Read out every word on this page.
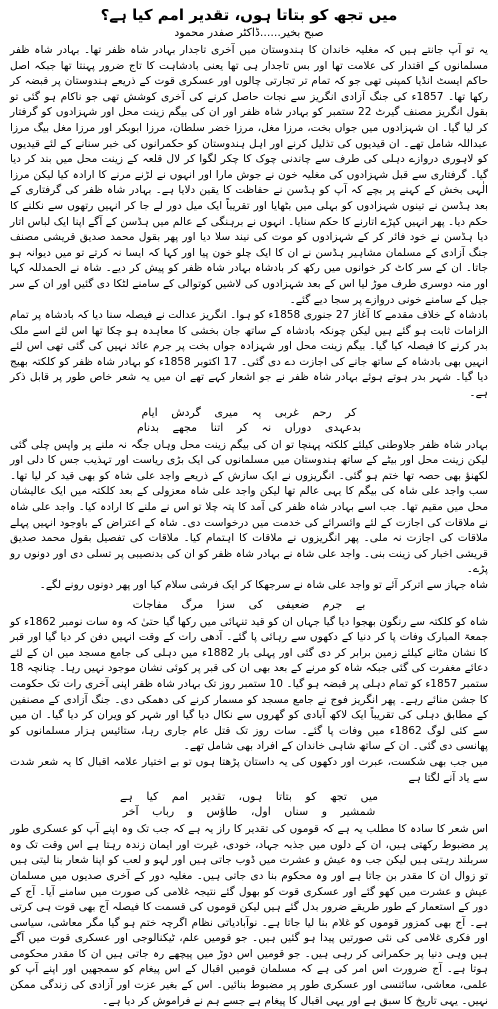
میں تجھ کو بتاتا ہوں، تقدیر امم کیا ہے؟
صبح بخیر......ڈاکٹر صفدر محمود

یہ تو آپ جانتے ہیں کہ مغلیہ خاندان کا ہندوستان میں آخری تاجدار بہادر شاہ ظفر تھا۔ بہادر شاہ ظفر مسلمانوں کے اقتدار کی علامت تھا اور بس تاجدار ہی تھا یعنی بادشاہت کا تاج ضرور پہنتا تھا جبکہ اصل حاکم ایسٹ انڈیا کمپنی تھی جو کہ تمام تر تجارتی چالوں اور عسکری قوت کے ذریعے ہندوستان پر قبضہ کر رکھا تھا۔ 1857ء کی جنگ آزادی انگریز سے نجات حاصل کرنے کی آخری کوشش تھی جو ناکام ہو گئی تو بقول انگریز مصنف گیرٹ 22 ستمبر کو بہادر شاہ ظفر اور ان کی بیگم زینت محل اور شہزادوں کو گرفتار کر لیا گیا۔ ان شہزادوں میں جواں بخت، مرزا مغل، مرزا خضر سلطان، مرزا ابوبکر اور مرزا مغل بیگ مرزا عبداللہ شامل تھے۔ ان قیدیوں کی تذلیل کرنے اور اہل ہندوستان کو حکمرانوں کی خبر سنانے کے لئے قیدیوں کو لاہوری دروازے دہلی کی طرف سے چاندنی چوک کا چکر لگوا کر لال قلعہ کے زینت محل میں بند کر دیا گیا۔ گرفتاری سے قبل شہزادوں کی مغلیہ خون نے جوش مارا اور انہوں نے لڑنے مرنے کا ارادہ کیا لیکن مرزا الٰہی بخش کے کہنے پر بچے کہ آپ کو ہڈسن نے حفاظت کا یقین دلایا ہے۔ بہادر شاہ ظفر کی گرفتاری کے بعد ہڈسن نے تینوں شہزادوں کو بہلی میں بٹھایا اور تقریباً ایک میل دور لے جا کر انہیں رتھوں سے نکلنے کا حکم دیا۔ پھر انہیں کپڑے اتارنے کا حکم سنایا۔ انہوں نے برہنگی کے عالم میں ہڈسن کے آگے اپنا ایک لباس اتار دیا ہڈسن نے خود فائر کر کے شہزادوں کو موت کی نیند سلا دیا اور پھر بقول محمد صدیق قریشی مصنف جنگ آزادی کے مسلمان مشاہیر ہڈسن نے ان کا ایک چلو خون پیا اور کہا کہ ایسا نہ کرتے تو میں دیوانہ ہو جاتا۔ ان کے سر کاٹ کر خوانوں میں رکھ کر بادشاہ بہادر شاہ ظفر کو پیش کر دیے۔ شاہ نے الحمدللہ کہا اور منہ دوسری طرف موڑ لیا اس کے بعد شہزادوں کی لاشیں کوتوالی کے سامنے لٹکا دی گئیں اور ان کے سر جیل کے سامنے خونی دروازے پر سجا دیے گئے۔

بادشاہ کے خلاف مقدمے کا آغاز 27 جنوری 1858ء کو ہوا۔ انگریز عدالت نے فیصلہ سنا دیا کہ بادشاہ پر تمام الزامات ثابت ہو گئے ہیں لیکن چونکہ بادشاہ کے ساتھ جان بخشی کا معاہدہ ہو چکا تھا اس لئے اسے ملک بدر کرنے کا فیصلہ کیا گیا۔ بیگم زینت محل اور شہزادہ جواں بخت پر جرم عائد نہیں کی گئی تھی اس لئے انہیں بھی بادشاہ کے ساتھ جانے کی اجازت دے دی گئی۔ 17 اکتوبر 1858ء کو بہادر شاہ ظفر کو کلکتہ بھیج دیا گیا۔ شہر بدر ہوتے ہوئے بہادر شاہ ظفر نے جو اشعار کہے تھے ان میں یہ شعر خاص طور پر قابل ذکر ہے۔

کر رحم غربی پہ میری گردش ایام
بدعہدی دوراں نہ کر اتنا مجھے بدنام

بہادر شاہ ظفر جلاوطنی کیلئے کلکتہ پہنچا تو ان کی بیگم زینت محل وہاں جگہ نہ ملنے پر واپس چلی گئی لیکن زینت محل اور بیٹے کے ساتھ ہندوستان میں مسلمانوں کی ایک بڑی ریاست اور تہذیب جس کا دلی اور لکھنؤ بھی حصہ تھا ختم ہو گئی۔ انگریزوں نے ایک سازش کے ذریعے واجد علی شاہ کو بھی قید کر لیا تھا۔ سب واجد علی شاہ کی بیگم کا یہی عالم تھا لیکن واجد علی شاہ معزولی کے بعد کلکتہ میں ایک عالیشان محل میں مقیم تھا۔ جب اسے بہادر شاہ ظفر کی آمد کا پتہ چلا تو اس نے ملنے کا ارادہ کیا۔ واجد علی شاہ نے ملاقات کی اجازت کے لئے وائسرائے کی خدمت میں درخواست دی۔ شاہ کے اعتراض کے باوجود انہیں پہلے ملاقات کی اجازت نہ ملی۔ پھر انگریزوں نے ملاقات کا اہتمام کیا۔ ملاقات کی تفصیل بقول محمد صدیق قریشی اخبار کی زینت بنی۔ واجد علی شاہ نے بہادر شاہ ظفر کو ان کی بدنصیبی پر تسلی دی اور دونوں رو پڑے۔

شاہ جہاز سے اترکر آئے تو واجد علی شاہ نے سرجھکا کر ایک فرشی سلام کیا اور پھر دونوں رونے لگے۔

بے جرم ضعیفی کی سزا مرگ مفاجات

شاہ کو کلکتہ سے رنگون بھجوا دیا گیا جہاں ان کو قید تنہائی میں رکھا گیا حتیٰ کہ وہ سات نومبر 1862ء کو جمعۃ المبارک وفات پا کر دنیا کے دکھوں سے رہائی پا گئے۔ آدھی رات کے وقت انہیں دفن کر دیا گیا اور قبر کا نشان مٹانے کیلئے زمین برابر کر دی گئی اور پہلی بار 1882ء میں دہلی کی جامع مسجد میں ان کے لئے دعائے مغفرت کی گئی جبکہ شاہ کو مرنے کے بعد بھی ان کی قبر پر کوئی نشان موجود نہیں رہا۔ چنانچہ 18 ستمبر 1857ء کو تمام دہلی پر قبضہ ہو گیا۔ 10 ستمبر روز تک بہادر شاہ ظفر اپنی آخری رات تک حکومت کا جشن منائے رہے۔ پھر انگریز فوج نے جامع مسجد کو مسمار کرنے کی دھمکی دی۔ جنگ آزادی کے مصنفین کے مطابق دہلی کی تقریباً ایک لاکھ آبادی کو گھروں سے نکال دیا گیا اور شہر کو ویران کر دیا گیا۔ ان میں سے کئی لوگ 1862ء میں وفات پا گئے۔ سات روز تک قتل عام جاری رہا، ستائیس ہزار مسلمانوں کو پھانسی دی گئی۔ ان کے ساتھ شاہی خاندان کے افراد بھی شامل تھے۔

میں جب بھی شکست، عبرت اور دکھوں کی یہ داستان پڑھتا ہوں تو بے اختیار علامہ اقبال کا یہ شعر شدت سے یاد آنے لگتا ہے

میں تجھ کو بتاتا ہوں، تقدیر امم کیا ہے
شمشیر و سناں اول، طاؤس و رباب آخر

اس شعر کا سادہ کا مطلب یہ ہے کہ قوموں کی تقدیر کا راز یہ ہے کہ جب تک وہ اپنے آپ کو عسکری طور پر مضبوط رکھتی ہیں، ان کے دلوں میں جذبہ جہاد، خودی، غیرت اور ایمان زندہ رہتا ہے اس وقت تک وہ سربلند رہتی ہیں لیکن جب وہ عیش و عشرت میں ڈوب جاتی ہیں اور لہو و لعب کو اپنا شعار بنا لیتی ہیں تو زوال ان کا مقدر بن جاتا ہے اور وہ محکوم بنا دی جاتی ہیں۔ مغلیہ دور کے آخری صدیوں میں مسلمان عیش و عشرت میں کھو گئے اور عسکری قوت کو بھول گئے نتیجہ غلامی کی صورت میں سامنے آیا۔ آج کے دور کے استعمار کے طور طریقے ضرور بدل گئے ہیں لیکن قوموں کی قسمت کا فیصلہ آج بھی قوت ہی کرتی ہے۔ آج بھی کمزور قوموں کو غلام بنا لیا جاتا ہے۔ نوآبادیاتی نظام اگرچہ ختم ہو گیا مگر معاشی، سیاسی اور فکری غلامی کی نئی صورتیں پیدا ہو گئیں ہیں۔ جو قومیں علم، ٹیکنالوجی اور عسکری قوت میں آگے ہیں وہی دنیا پر حکمرانی کر رہی ہیں۔ جو قومیں اس دوڑ میں پیچھے رہ جاتی ہیں ان کا مقدر محکومی ہوتا ہے۔ آج ضرورت اس امر کی ہے کہ مسلمان قومیں اقبال کے اس پیغام کو سمجھیں اور اپنے آپ کو علمی، معاشی، سائنسی اور عسکری طور پر مضبوط بنائیں۔ اس کے بغیر عزت اور آزادی کی زندگی ممکن نہیں۔ یہی تاریخ کا سبق ہے اور یہی اقبال کا پیغام ہے جسے ہم نے فراموش کر دیا ہے۔
